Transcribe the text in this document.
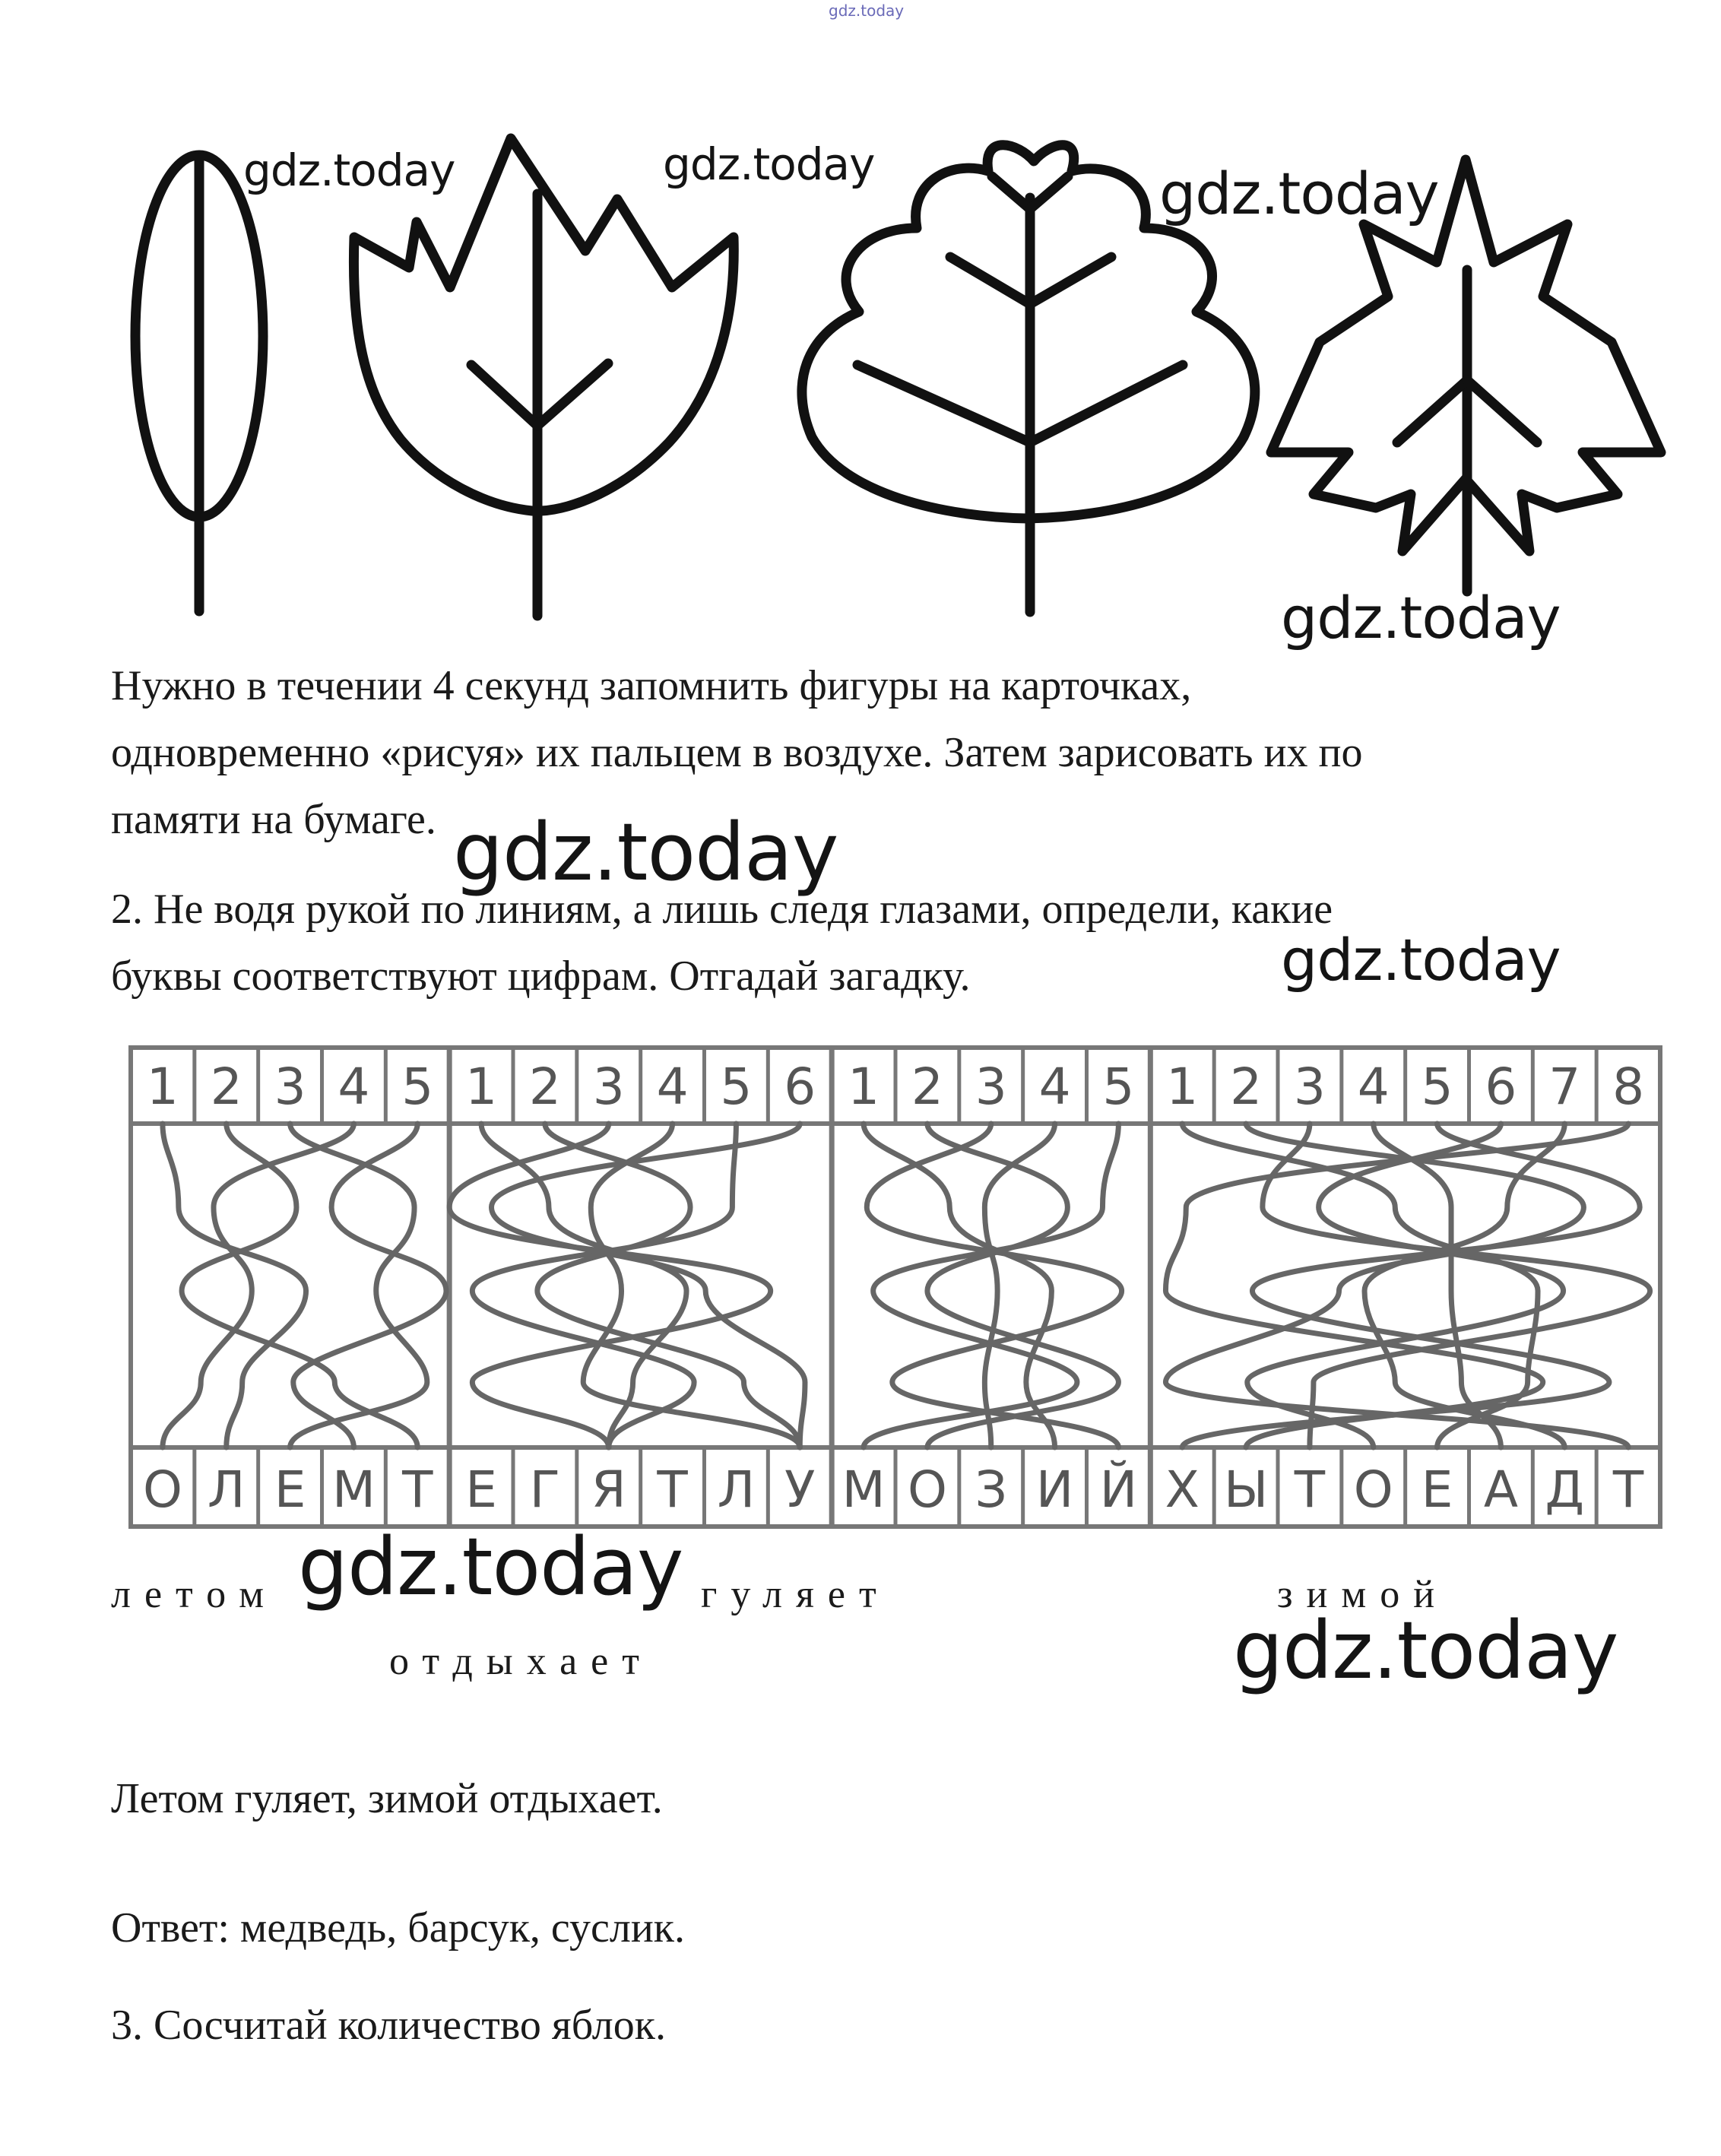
gdz.today
gdz.today	gdz.today	gdz.today
gdz.today
gdz.today
gdz.today
gdz.today
gdz.today
Нужно в течении 4 секунд запомнить фигуры на карточках,
одновременно «рисуя» их пальцем в воздухе. Затем зарисовать их по
памяти на бумаге.
2. Не водя рукой по линиям, а лишь следя глазами, определи, какие
буквы соответствуют цифрам. Отгадай загадку.
1 2 3 4 5 1 2 3 4 5 6 1 2 3 4 5 1 2 3 4 5 6 7 8
О Л Е М Т Е Г Я Т Л У М О З И Й Х Ы Т О Е А Д Т
летом	гуляет	зимой
отдыхает
Летом гуляет, зимой отдыхает.
Ответ: медведь, барсук, суслик.
3. Сосчитай количество яблок.
